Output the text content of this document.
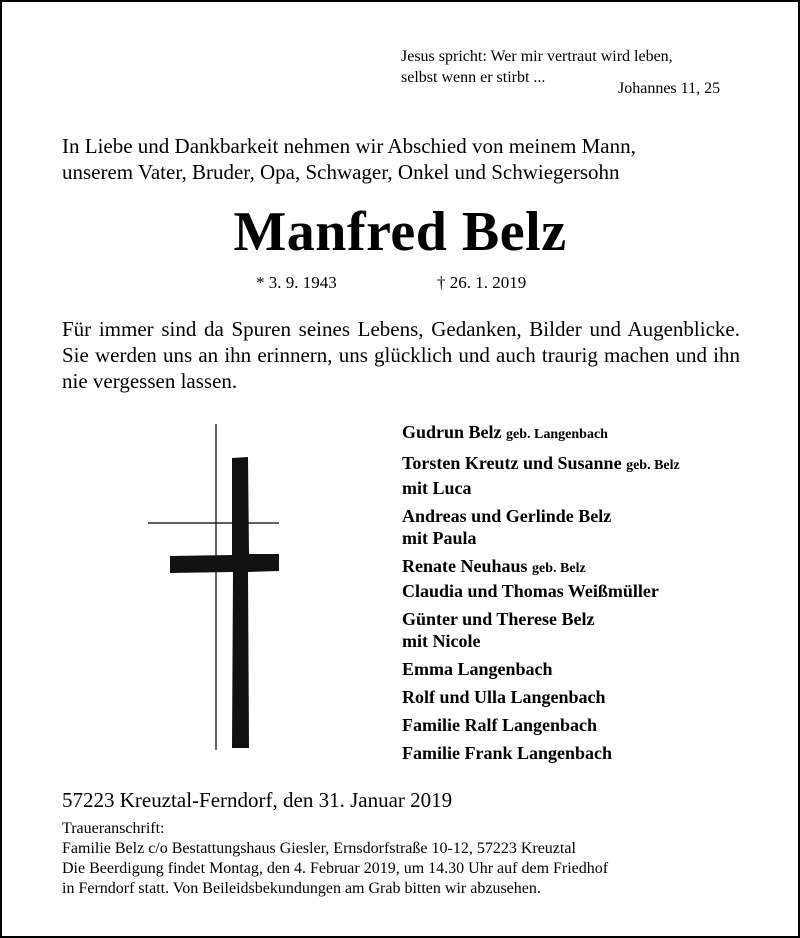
Jesus spricht: Wer mir vertraut wird leben,
selbst wenn er stirbt ...
Johannes 11, 25
In Liebe und Dankbarkeit nehmen wir Abschied von meinem Mann,
unserem Vater, Bruder, Opa, Schwager, Onkel und Schwiegersohn
Manfred Belz
* 3. 9. 1943	† 26. 1. 2019
Für immer sind da Spuren seines Lebens, Gedanken, Bilder und Augenblicke. Sie werden uns an ihn erinnern, uns glücklich und auch traurig machen und ihn nie vergessen lassen.
Gudrun Belz geb. Langenbach
Torsten Kreutz und Susanne geb. Belz
mit Luca
Andreas und Gerlinde Belz
mit Paula
Renate Neuhaus geb. Belz
Claudia und Thomas Weißmüller
Günter und Therese Belz
mit Nicole
Emma Langenbach
Rolf und Ulla Langenbach
Familie Ralf Langenbach
Familie Frank Langenbach
57223 Kreuztal-Ferndorf, den 31. Januar 2019
Traueranschrift:
Familie Belz c/o Bestattungshaus Giesler, Ernsdorfstraße 10-12, 57223 Kreuztal
Die Beerdigung findet Montag, den 4. Februar 2019, um 14.30 Uhr auf dem Friedhof
in Ferndorf statt. Von Beileidsbekundungen am Grab bitten wir abzusehen.
